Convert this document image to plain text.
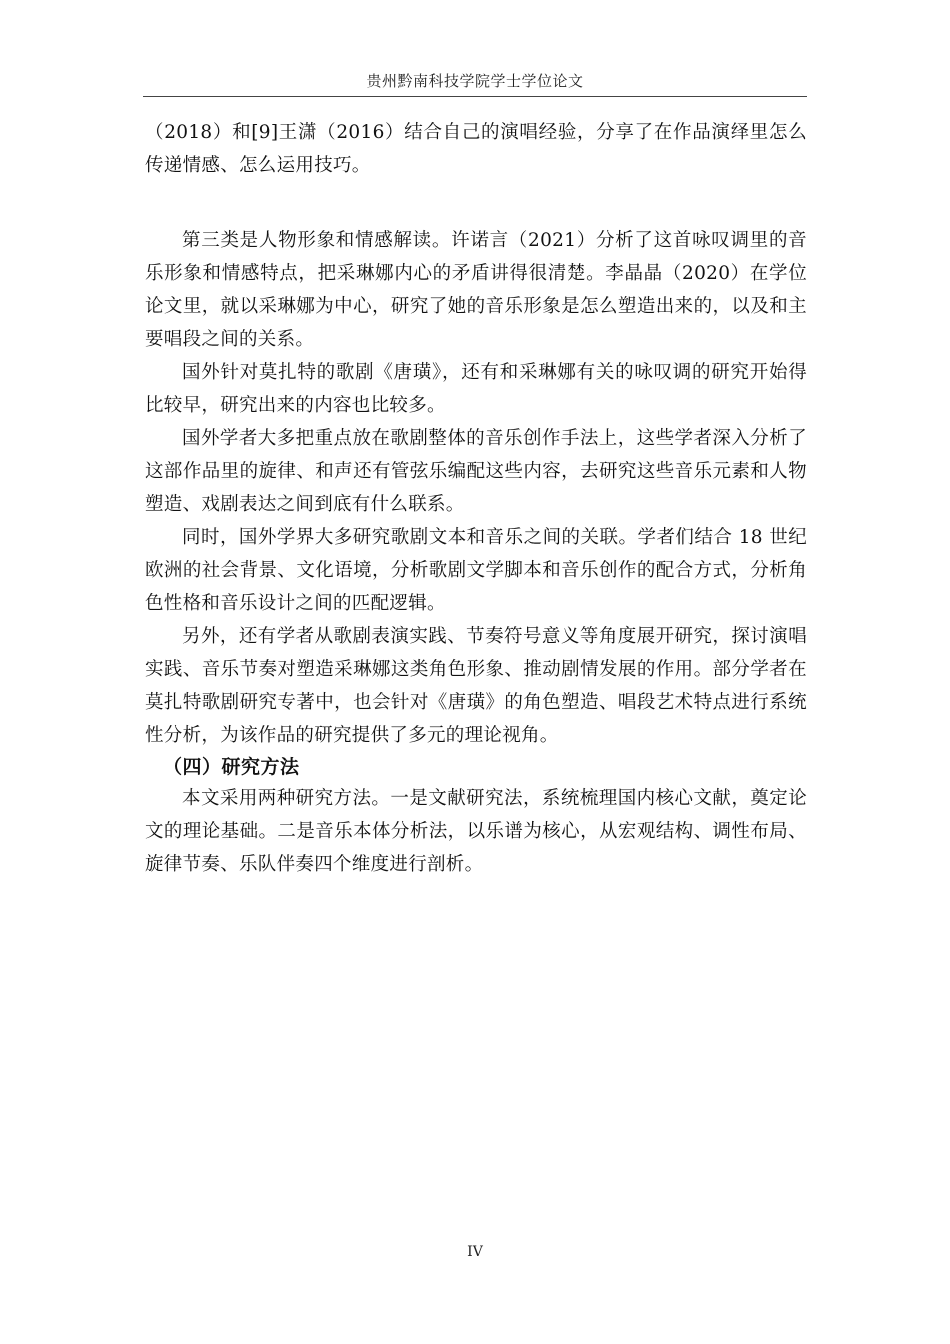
贵州黔南科技学院学士学位论文

（2018）和[9]王潇（2016）结合自己的演唱经验，分享了在作品演绎里怎么传递情感、怎么运用技巧。

第三类是人物形象和情感解读。许诺言（2021）分析了这首咏叹调里的音乐形象和情感特点，把采琳娜内心的矛盾讲得很清楚。李晶晶（2020）在学位论文里，就以采琳娜为中心，研究了她的音乐形象是怎么塑造出来的，以及和主要唱段之间的关系。

国外针对莫扎特的歌剧《唐璜》，还有和采琳娜有关的咏叹调的研究开始得比较早，研究出来的内容也比较多。

国外学者大多把重点放在歌剧整体的音乐创作手法上，这些学者深入分析了这部作品里的旋律、和声还有管弦乐编配这些内容，去研究这些音乐元素和人物塑造、戏剧表达之间到底有什么联系。

同时，国外学界大多研究歌剧文本和音乐之间的关联。学者们结合 18 世纪欧洲的社会背景、文化语境，分析歌剧文学脚本和音乐创作的配合方式，分析角色性格和音乐设计之间的匹配逻辑。

另外，还有学者从歌剧表演实践、节奏符号意义等角度展开研究，探讨演唱实践、音乐节奏对塑造采琳娜这类角色形象、推动剧情发展的作用。部分学者在莫扎特歌剧研究专著中，也会针对《唐璜》的角色塑造、唱段艺术特点进行系统性分析，为该作品的研究提供了多元的理论视角。

（四）研究方法

本文采用两种研究方法。一是文献研究法，系统梳理国内核心文献，奠定论文的理论基础。二是音乐本体分析法，以乐谱为核心，从宏观结构、调性布局、旋律节奏、乐队伴奏四个维度进行剖析。

IV
